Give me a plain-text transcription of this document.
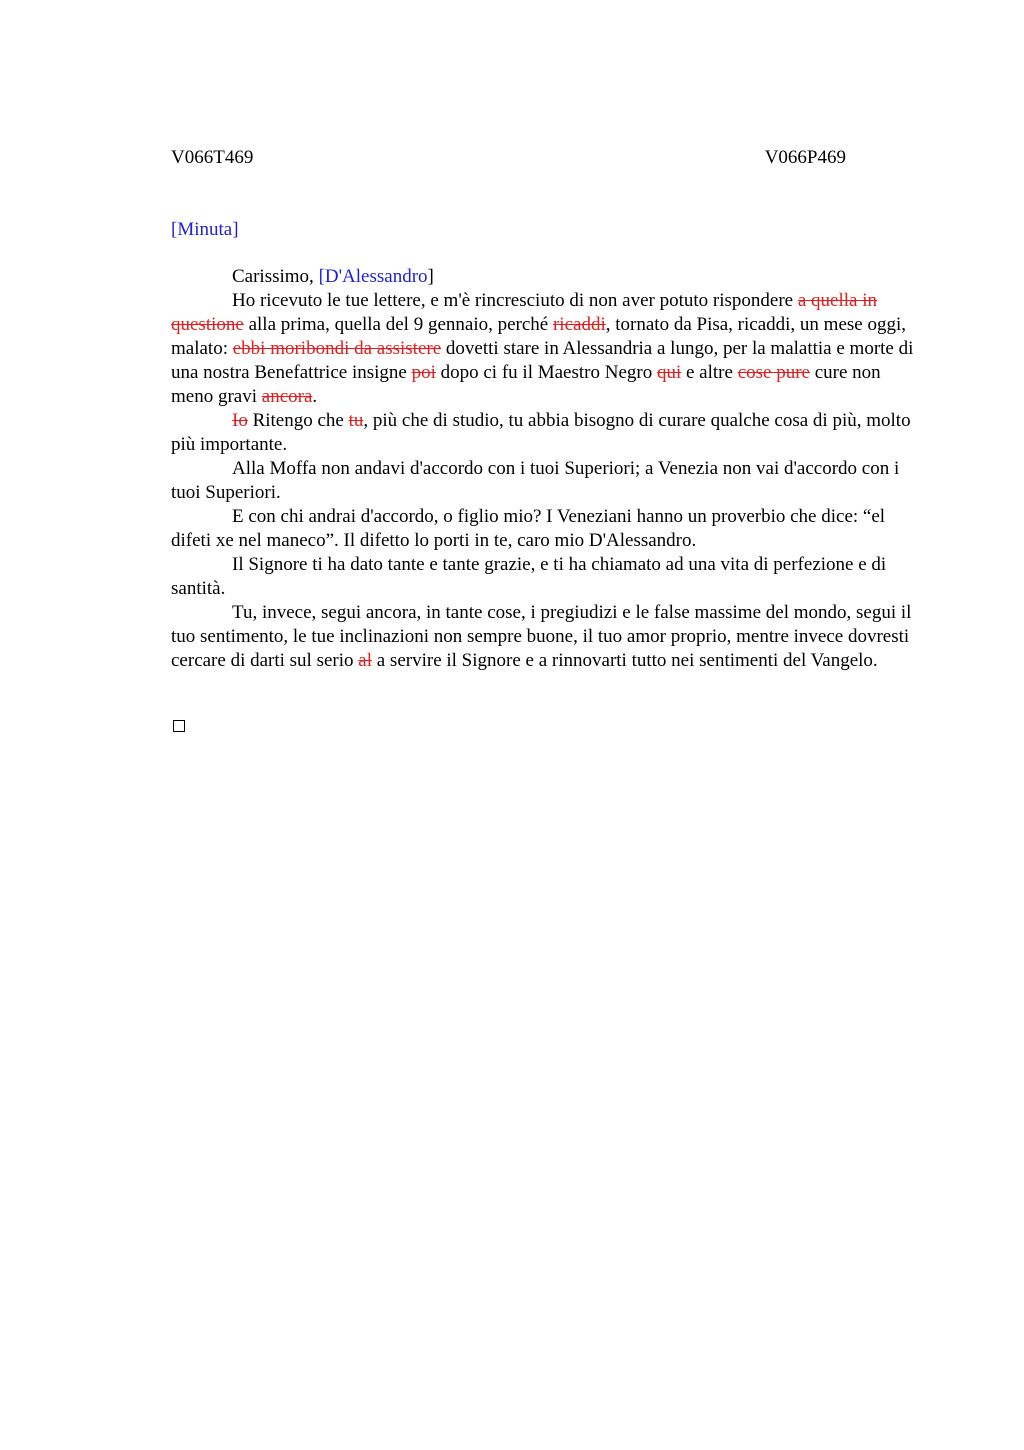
V066T469	V066P469
[Minuta]

Carissimo, [D'Alessandro]

Ho ricevuto le tue lettere, e m'è rincresciuto di non aver potuto rispondere a quella in questione alla prima, quella del 9 gennaio, perché ricaddi, tornato da Pisa, ricaddi, un mese oggi, malato: ebbi moribondi da assistere dovetti stare in Alessandria a lungo, per la malattia e morte di una nostra Benefattrice insigne poi dopo ci fu il Maestro Negro qui e altre cose pure cure non meno gravi ancora.

Io Ritengo che tu, più che di studio, tu abbia bisogno di curare qualche cosa di più, molto più importante.

Alla Moffa non andavi d'accordo con i tuoi Superiori; a Venezia non vai d'accordo con i tuoi Superiori.

E con chi andrai d'accordo, o figlio mio? I Veneziani hanno un proverbio che dice: “el difeti xe nel maneco”. Il difetto lo porti in te, caro mio D'Alessandro.

Il Signore ti ha dato tante e tante grazie, e ti ha chiamato ad una vita di perfezione e di santità.

Tu, invece, segui ancora, in tante cose, i pregiudizi e le false massime del mondo, segui il tuo sentimento, le tue inclinazioni non sempre buone, il tuo amor proprio, mentre invece dovresti cercare di darti sul serio al a servire il Signore e a rinnovarti tutto nei sentimenti del Vangelo.
